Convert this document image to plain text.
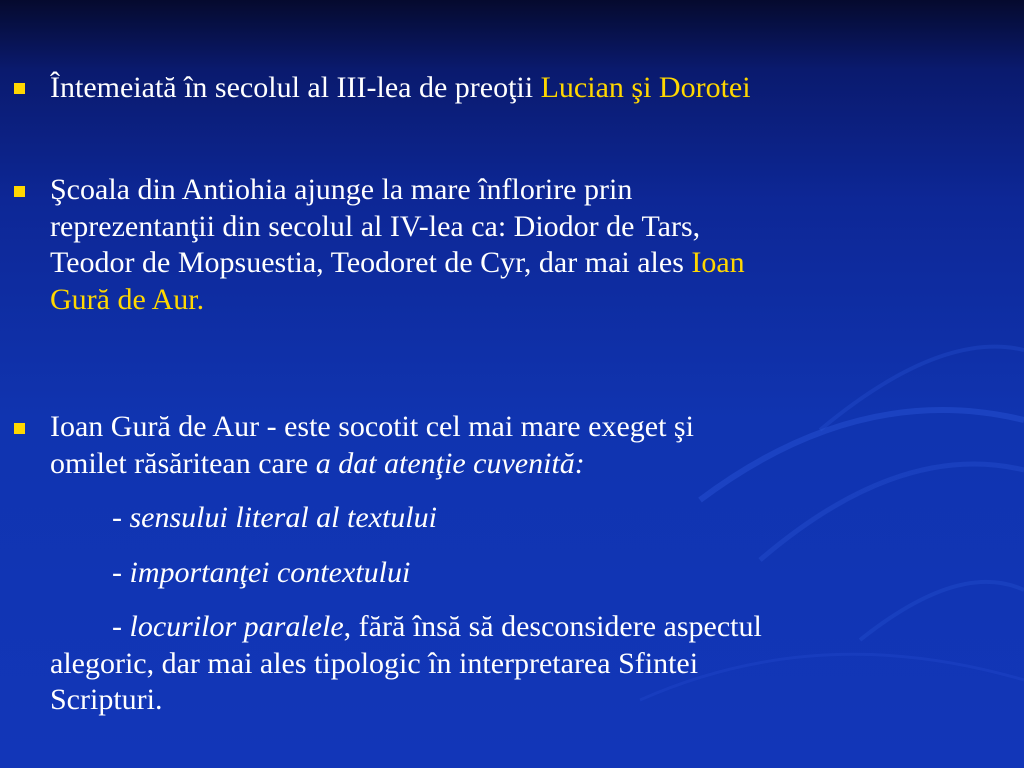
Întemeiată în secolul al III-lea de preoţii Lucian şi Dorotei
Şcoala din Antiohia ajunge la mare înflorire prin
reprezentanţii din secolul al IV-lea ca: Diodor de Tars,
Teodor de Mopsuestia, Teodoret de Cyr, dar mai ales Ioan
Gură de Aur.
Ioan Gură de Aur - este socotit cel mai mare exeget şi
omilet răsăritean care a dat atenţie cuvenită:
- sensului literal al textului
- importanţei contextului
- locurilor paralele, fără însă să desconsidere aspectul
alegoric, dar mai ales tipologic în interpretarea Sfintei
Scripturi.
